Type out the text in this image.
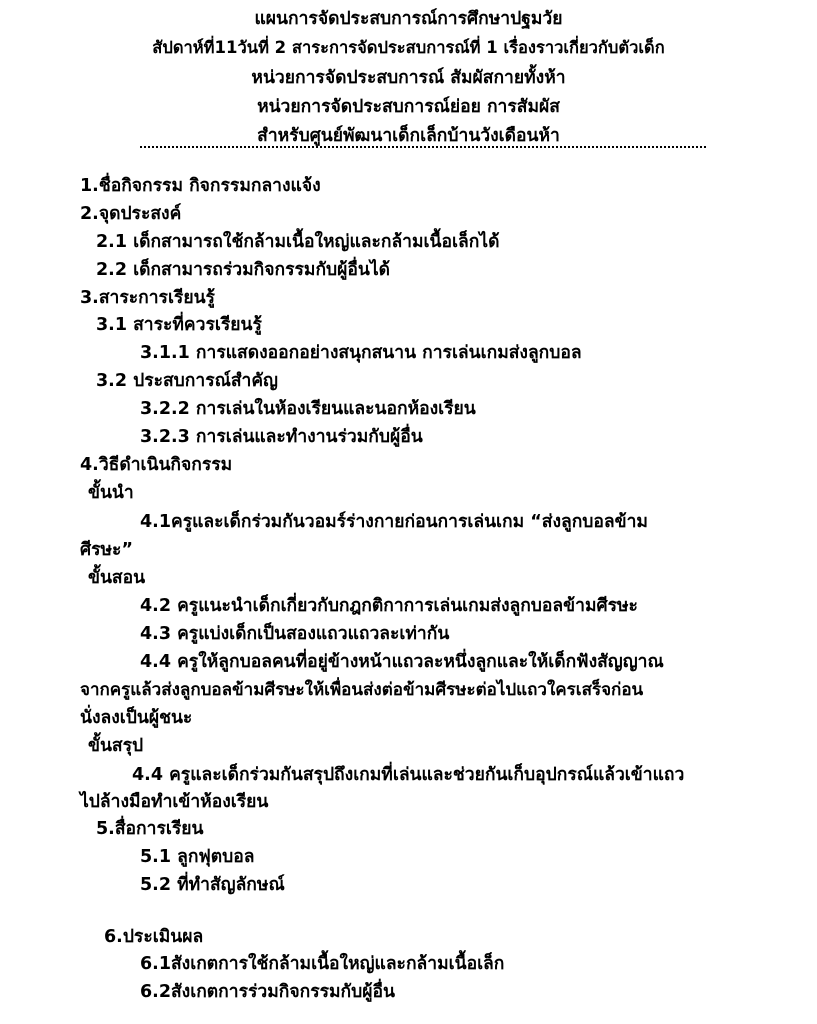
แผนการจัดประสบการณ์การศึกษาปฐมวัย
สัปดาห์ที่11วันที่ 2 สาระการจัดประสบการณ์ที่ 1 เรื่องราวเกี่ยวกับตัวเด็ก
หน่วยการจัดประสบการณ์ สัมผัสกายทั้งห้า
หน่วยการจัดประสบการณ์ย่อย การสัมผัส
สำหรับศูนย์พัฒนาเด็กเล็กบ้านวังเดือนห้า
1.ชื่อกิจกรรม กิจกรรมกลางแจ้ง
2.จุดประสงค์
2.1 เด็กสามารถใช้กล้ามเนื้อใหญ่และกล้ามเนื้อเล็กได้
2.2 เด็กสามารถร่วมกิจกรรมกับผู้อื่นได้
3.สาระการเรียนรู้
3.1 สาระที่ควรเรียนรู้
3.1.1 การแสดงออกอย่างสนุกสนาน การเล่นเกมส่งลูกบอล
3.2 ประสบการณ์สำคัญ
3.2.2 การเล่นในห้องเรียนและนอกห้องเรียน
3.2.3 การเล่นและทำงานร่วมกับผู้อื่น
4.วิธีดำเนินกิจกรรม
ขั้นนำ
4.1ครูและเด็กร่วมกันวอมร์ร่างกายก่อนการเล่นเกม “ส่งลูกบอลข้าม
ศีรษะ”
ขั้นสอน
4.2 ครูแนะนำเด็กเกี่ยวกับกฎกติกาการเล่นเกมส่งลูกบอลข้ามศีรษะ
4.3 ครูแบ่งเด็กเป็นสองแถวแถวละเท่ากัน
4.4 ครูให้ลูกบอลคนที่อยู่ข้างหน้าแถวละหนึ่งลูกและให้เด็กฟังสัญญาณ
จากครูแล้วส่งลูกบอลข้ามศีรษะให้เพื่อนส่งต่อข้ามศีรษะต่อไปแถวใครเสร็จก่อน
นั่งลงเป็นผู้ชนะ
ขั้นสรุป
4.4 ครูและเด็กร่วมกันสรุปถึงเกมที่เล่นและช่วยกันเก็บอุปกรณ์แล้วเข้าแถว
ไปล้างมือทำเข้าห้องเรียน
5.สื่อการเรียน
5.1 ลูกฟุตบอล
5.2 ที่ทำสัญลักษณ์
6.ประเมินผล
6.1สังเกตการใช้กล้ามเนื้อใหญ่และกล้ามเนื้อเล็ก
6.2สังเกตการร่วมกิจกรรมกับผู้อื่น
